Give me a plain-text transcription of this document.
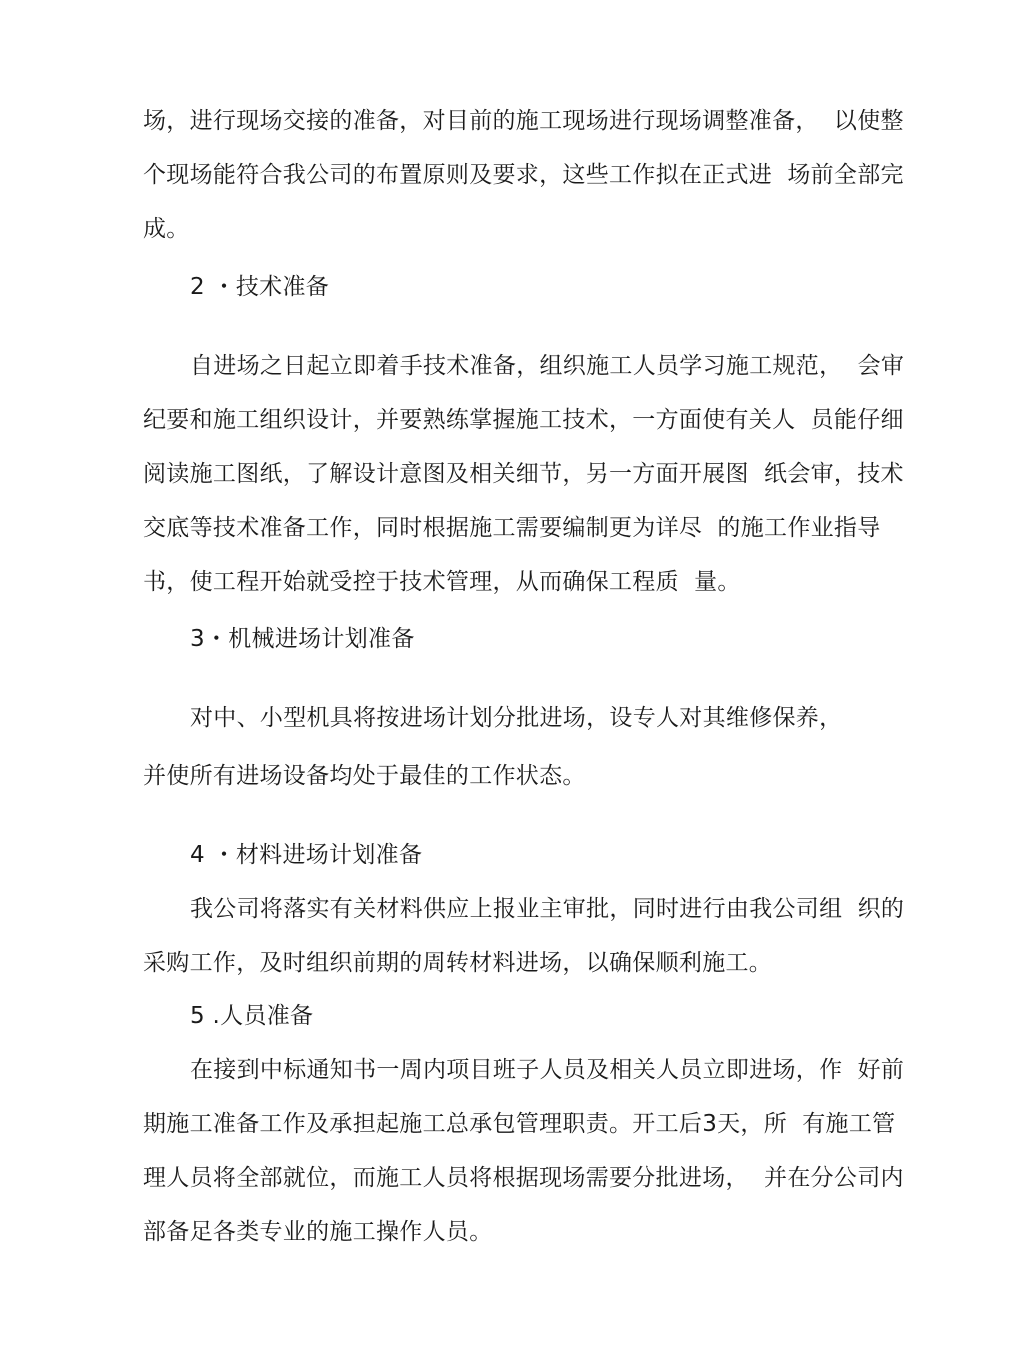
场，进行现场交接的准备，对目前的施工现场进行现场调整准备，  以使整
个现场能符合我公司的布置原则及要求，这些工作拟在正式进  场前全部完
成。
2 ・技术准备
自进场之日起立即着手技术准备，组织施工人员学习施工规范，  会审
纪要和施工组织设计，并要熟练掌握施工技术，一方面使有关人  员能仔细
阅读施工图纸，了解设计意图及相关细节，另一方面开展图  纸会审，技术
交底等技术准备工作，同时根据施工需要编制更为详尽  的施工作业指导
书，使工程开始就受控于技术管理，从而确保工程质  量。
3・机械进场计划准备
对中、小型机具将按进场计划分批进场，设专人对其维修保养，
并使所有进场设备均处于最佳的工作状态。
4 ・材料进场计划准备
我公司将落实有关材料供应上报业主审批，同时进行由我公司组  织的
采购工作，及时组织前期的周转材料进场，以确保顺利施工。
5 .人员准备
在接到中标通知书一周内项目班子人员及相关人员立即进场，作  好前
期施工准备工作及承担起施工总承包管理职责。开工后3天，所  有施工管
理人员将全部就位，而施工人员将根据现场需要分批进场，  并在分公司内
部备足各类专业的施工操作人员。
